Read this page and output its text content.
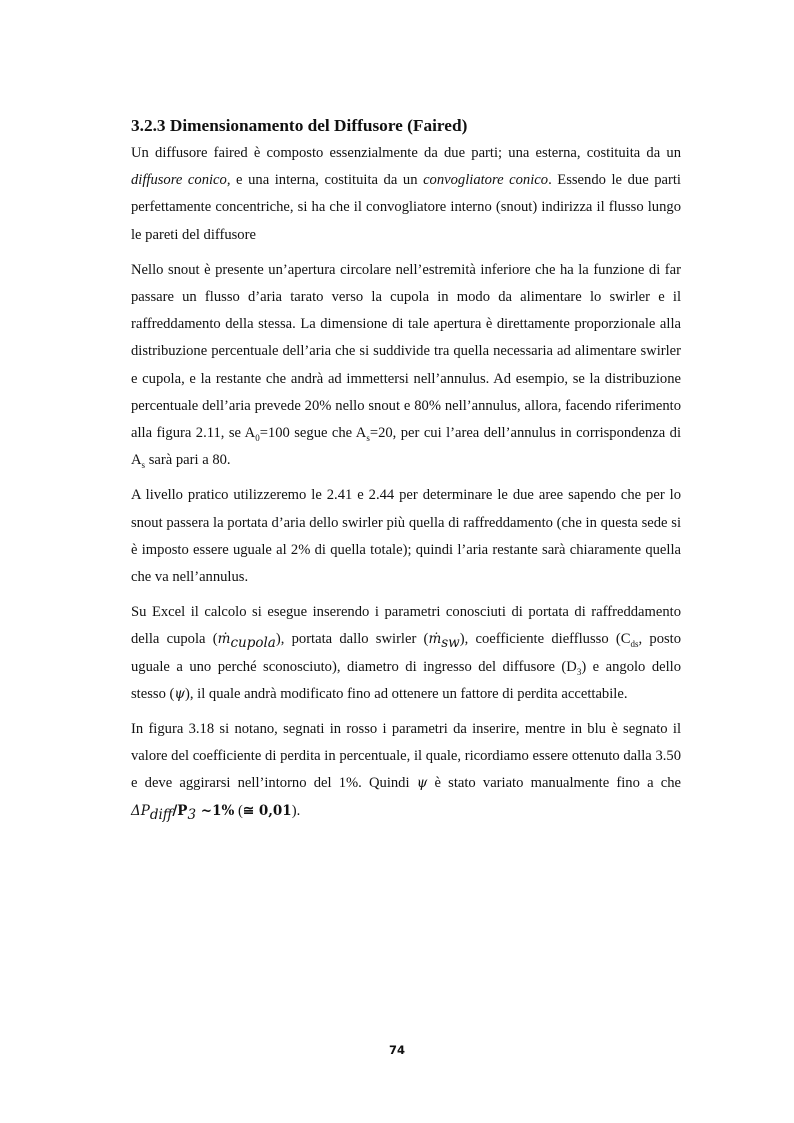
3.2.3 Dimensionamento del Diffusore (Faired)

Un diffusore faired è composto essenzialmente da due parti; una esterna, costituita da un diffusore conico, e una interna, costituita da un convogliatore conico. Essendo le due parti perfettamente concentriche, si ha che il convogliatore interno (snout) indirizza il flusso lungo le pareti del diffusore

Nello snout è presente un’apertura circolare nell’estremità inferiore che ha la funzione di far passare un flusso d’aria tarato verso la cupola in modo da alimentare lo swirler e il raffreddamento della stessa. La dimensione di tale apertura è direttamente proporzionale alla distribuzione percentuale dell’aria che si suddivide tra quella necessaria ad alimentare swirler e cupola, e la restante che andrà ad immettersi nell’annulus. Ad esempio, se la distribuzione percentuale dell’aria prevede 20% nello snout e 80% nell’annulus, allora, facendo riferimento alla figura 2.11, se $A_0=100$ segue che $A_s=20$, per cui l’area dell’annulus in corrispondenza di $A_s$ sarà pari a 80.

A livello pratico utilizzeremo le 2.41 e 2.44 per determinare le due aree sapendo che per lo snout passera la portata d’aria dello swirler più quella di raffreddamento (che in questa sede si è imposto essere uguale al 2% di quella totale); quindi l’aria restante sarà chiaramente quella che va nell’annulus.

Su Excel il calcolo si esegue inserendo i parametri conosciuti di portata di raffreddamento della cupola (ṁ$_{cupola}$), portata dallo swirler (ṁ$_{sw}$), coefficiente diefflusso ($C_{ds}$, posto uguale a uno perché sconosciuto), diametro di ingresso del diffusore $(D_3)$ e angolo dello stesso (ψ), il quale andrà modificato fino ad ottenere un fattore di perdita accettabile.

In figura 3.18 si notano, segnati in rosso i parametri da inserire, mentre in blu è segnato il valore del coefficiente di perdita in percentuale, il quale, ricordiamo essere ottenuto dalla 3.50 e deve aggirarsi nell’intorno del 1%. Quindi ψ è stato variato manualmente fino a che $\Delta P_{diff}/P_3$ ~1% (≅ 0,01).

74
